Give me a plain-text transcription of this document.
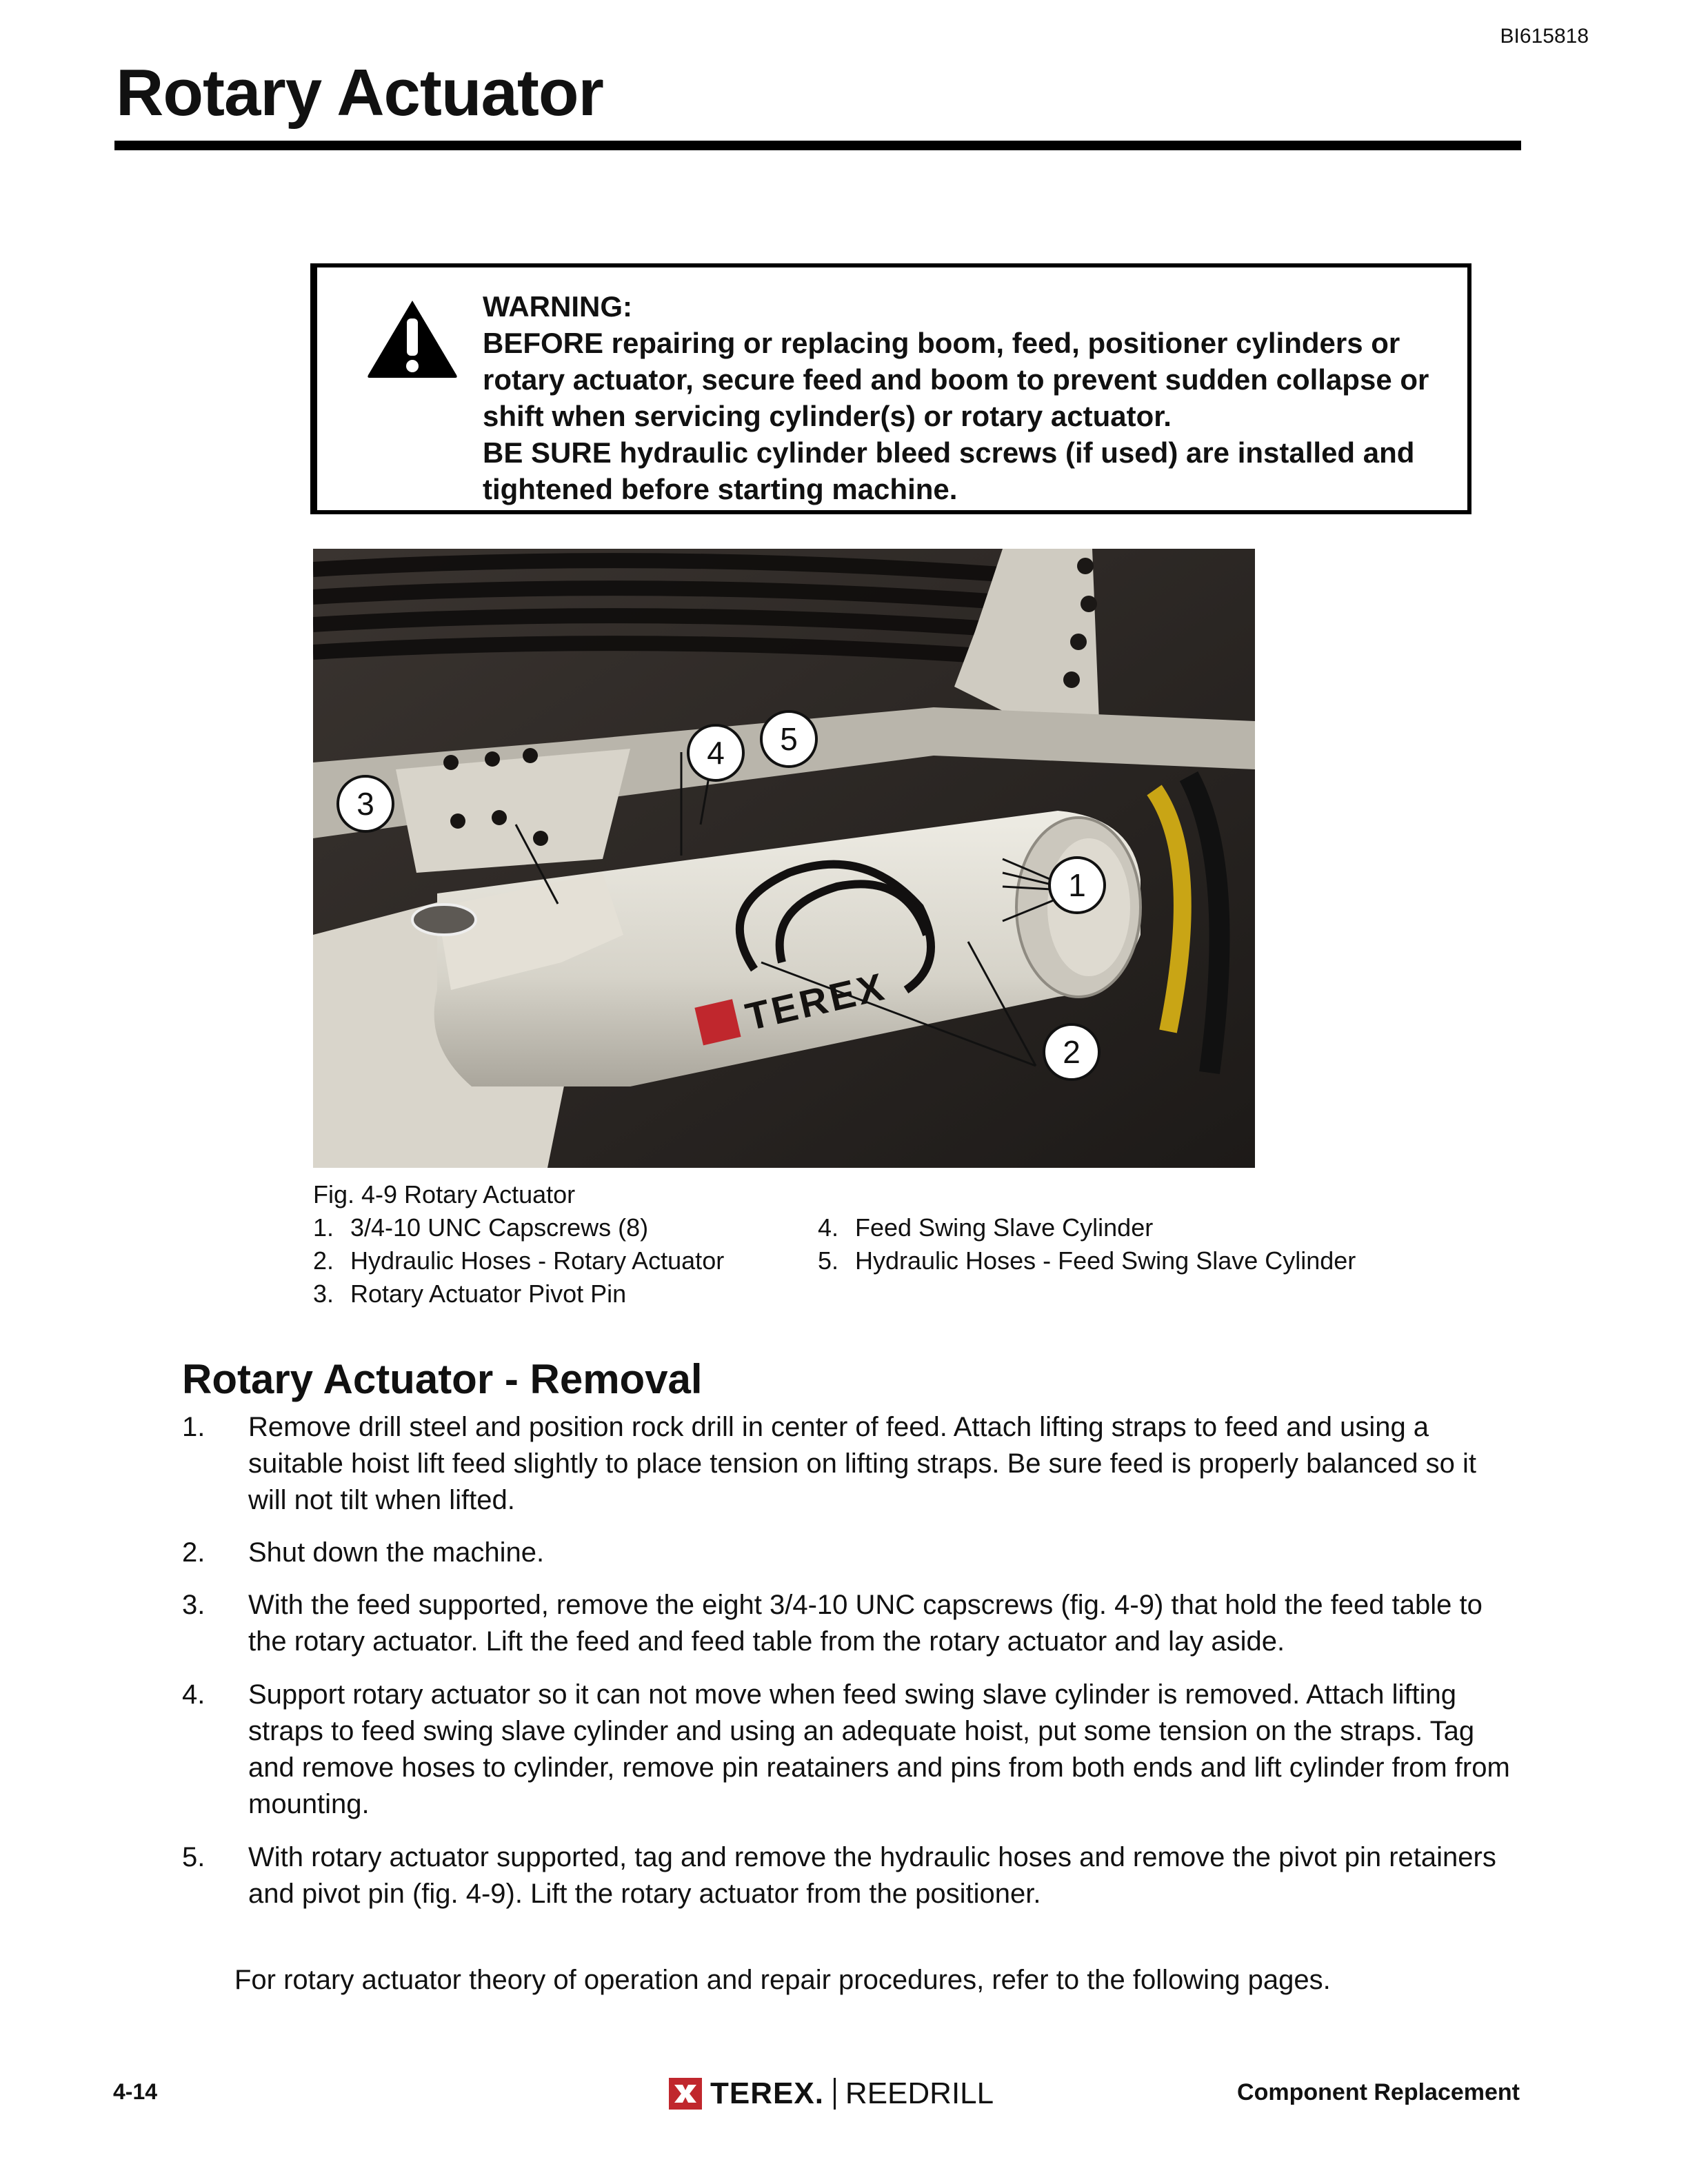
BI615818
Rotary Actuator

WARNING:

BEFORE repairing or replacing boom, feed, positioner cylinders or rotary actuator, secure feed and boom to prevent sudden collapse or shift when servicing cylinder(s) or rotary actuator.

BE SURE hydraulic cylinder bleed screws (if used) are installed and tightened before starting machine.

TEREX
1
2
3
4 5
Fig. 4-9 Rotary Actuator
1. 3/4-10 UNC Capscrews (8)
2. Hydraulic Hoses - Rotary Actuator
3. Rotary Actuator Pivot Pin
4. Feed Swing Slave Cylinder
5. Hydraulic Hoses - Feed Swing Slave Cylinder
Rotary Actuator - Removal
1. Remove drill steel and position rock drill in center of feed. Attach lifting straps to feed and using a suitable hoist lift feed slightly to place tension on lifting straps. Be sure feed is properly balanced so it will not tilt when lifted.
2. Shut down the machine.
3. With the feed supported, remove the eight 3/4-10 UNC capscrews (fig. 4-9) that hold the feed table to the rotary actuator. Lift the feed and feed table from the rotary actuator and lay aside.
4. Support rotary actuator so it can not move when feed swing slave cylinder is removed. Attach lifting straps to feed swing slave cylinder and using an adequate hoist, put some tension on the straps. Tag and remove hoses to cylinder, remove pin reatainers and pins from both ends and lift cylinder from from mounting.
5. With rotary actuator supported, tag and remove the hydraulic hoses and remove the pivot pin retainers and pivot pin (fig. 4-9). Lift the rotary actuator from the positioner.
For rotary actuator theory of operation and repair procedures, refer to the following pages.
4-14	TEREX. REEDRILL	Component Replacement
